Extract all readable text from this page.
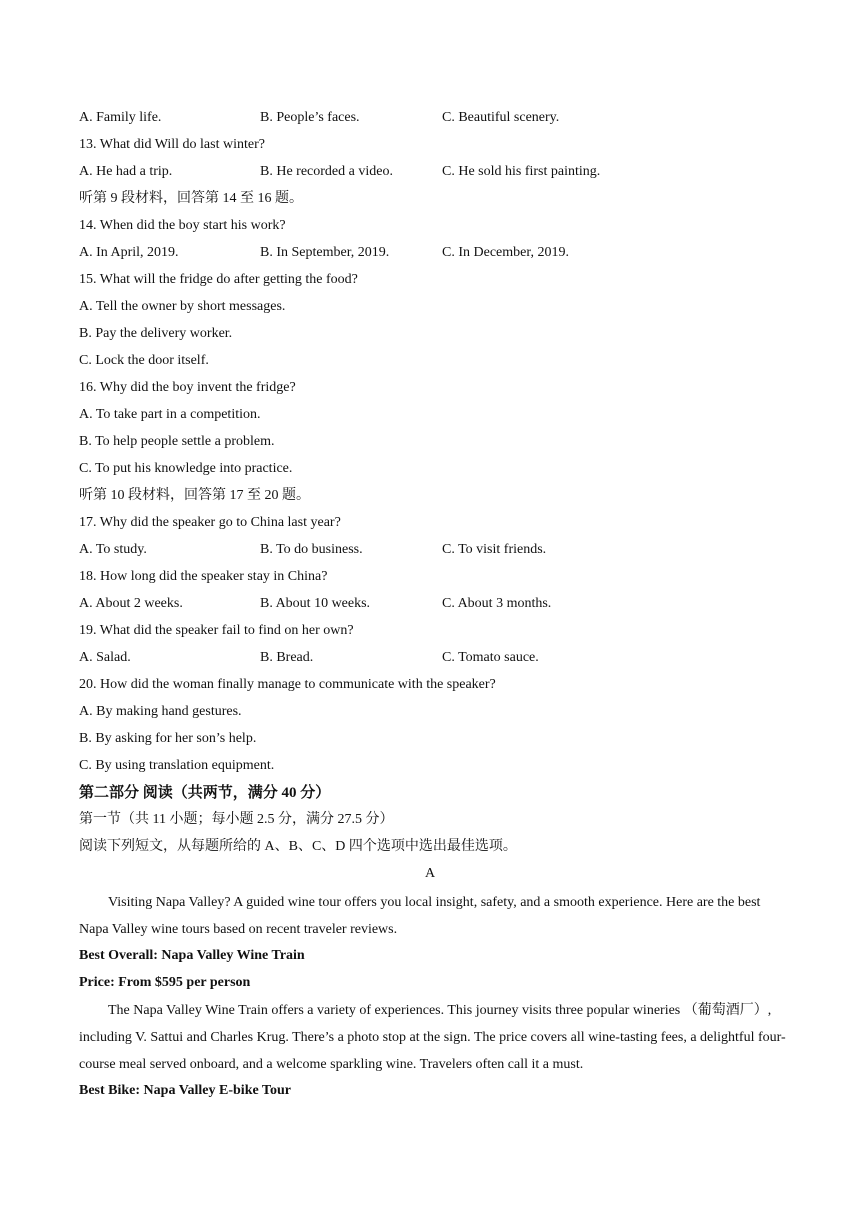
A. Family life.	B. People’s faces.	C. Beautiful scenery.
13. What did Will do last winter?
A. He had a trip.	B. He recorded a video.	C. He sold his first painting.
听第 9 段材料，回答第 14 至 16 题。
14. When did the boy start his work?
A. In April, 2019.	B. In September, 2019.	C. In December, 2019.
15. What will the fridge do after getting the food?
A. Tell the owner by short messages.
B. Pay the delivery worker.
C. Lock the door itself.
16. Why did the boy invent the fridge?
A. To take part in a competition.
B. To help people settle a problem.
C. To put his knowledge into practice.
听第 10 段材料，回答第 17 至 20 题。
17. Why did the speaker go to China last year?
A. To study.	B. To do business.	C. To visit friends.
18. How long did the speaker stay in China?
A. About 2 weeks.	B. About 10 weeks.	C. About 3 months.
19. What did the speaker fail to find on her own?
A. Salad.	B. Bread.	C. Tomato sauce.
20. How did the woman finally manage to communicate with the speaker?
A. By making hand gestures.
B. By asking for her son’s help.
C. By using translation equipment.
第二部分 阅读（共两节，满分 40 分）
第一节（共 11 小题；每小题 2.5 分，满分 27.5 分）
阅读下列短文，从每题所给的 A、B、C、D 四个选项中选出最佳选项。
A
Visiting Napa Valley? A guided wine tour offers you local insight, safety, and a smooth experience. Here are the best Napa Valley wine tours based on recent traveler reviews.
Best Overall: Napa Valley Wine Train
Price: From $595 per person
The Napa Valley Wine Train offers a variety of experiences. This journey visits three popular wineries （葡萄酒厂）, including V. Sattui and Charles Krug. There’s a photo stop at the sign. The price covers all wine-tasting fees, a delightful four-course meal served onboard, and a welcome sparkling wine. Travelers often call it a must.
Best Bike: Napa Valley E-bike Tour
